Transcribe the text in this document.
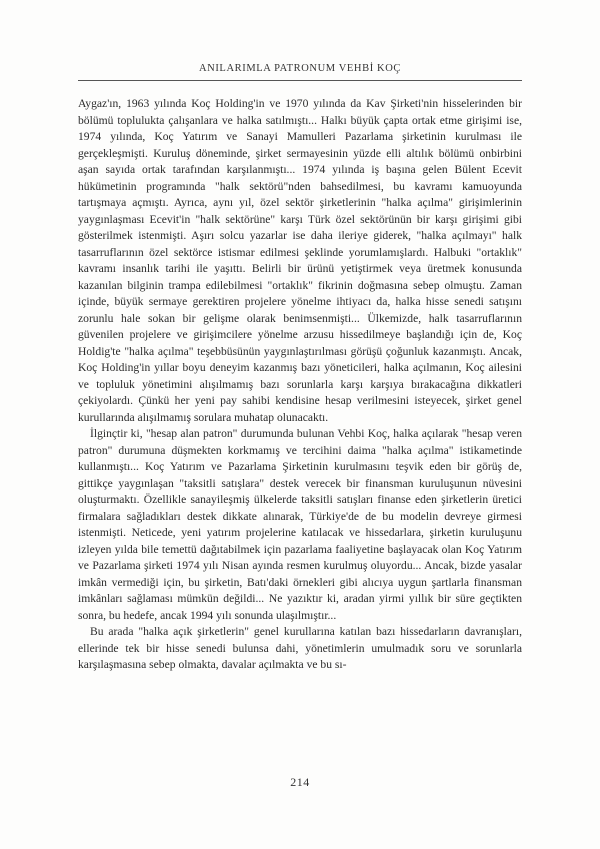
ANILARIMLA PATRONUM VEHBİ KOÇ

Aygaz'ın, 1963 yılında Koç Holding'in ve 1970 yılında da Kav Şirketi'nin hisselerinden bir bölümü toplulukta çalışanlara ve halka satılmıştı... Halkı büyük çapta ortak etme girişimi ise, 1974 yılında, Koç Yatırım ve Sanayi Mamulleri Pazarlama şirketinin kurulması ile gerçekleşmişti. Kuruluş döneminde, şirket sermayesinin yüzde elli altılık bölümü onbirbini aşan sayıda ortak tarafından karşılanmıştı... 1974 yılında iş başına gelen Bülent Ecevit hükümetinin programında "halk sektörü"nden bahsedilmesi, bu kavramı kamuoyunda tartışmaya açmıştı. Ayrıca, aynı yıl, özel sektör şirketlerinin "halka açılma" girişimlerinin yaygınlaşması Ecevit'in "halk sektörüne" karşı Türk özel sektörünün bir karşı girişimi gibi gösterilmek istenmişti. Aşırı solcu yazarlar ise daha ileriye giderek, "halka açılmayı" halk tasarruflarının özel sektörce istismar edilmesi şeklinde yorumlamışlardı. Halbuki "ortaklık" kavramı insanlık tarihi ile yaşıttı. Belirli bir ürünü yetiştirmek veya üretmek konusunda kazanılan bilginin trampa edilebilmesi "ortaklık" fikrinin doğmasına sebep olmuştu. Zaman içinde, büyük sermaye gerektiren projelere yönelme ihtiyacı da, halka hisse senedi satışını zorunlu hale sokan bir gelişme olarak benimsenmişti... Ülkemizde, halk tasarruflarının güvenilen projelere ve girişimcilere yönelme arzusu hissedilmeye başlandığı için de, Koç Holdig'te "halka açılma" teşebbüsünün yaygınlaştırılması görüşü çoğunluk kazanmıştı. Ancak, Koç Holding'in yıllar boyu deneyim kazanmış bazı yöneticileri, halka açılmanın, Koç ailesini ve topluluk yönetimini alışılmamış bazı sorunlarla karşı karşıya bırakacağına dikkatleri çekiyolardı. Çünkü her yeni pay sahibi kendisine hesap verilmesini isteyecek, şirket genel kurullarında alışılmamış sorulara muhatap olunacaktı.

İlginçtir ki, "hesap alan patron" durumunda bulunan Vehbi Koç, halka açılarak "hesap veren patron" durumuna düşmekten korkmamış ve tercihini daima "halka açılma" istikametinde kullanmıştı... Koç Yatırım ve Pazarlama Şirketinin kurulmasını teşvik eden bir görüş de, gittikçe yaygınlaşan "taksitli satışlara" destek verecek bir finansman kuruluşunun nüvesini oluşturmaktı. Özellikle sanayileşmiş ülkelerde taksitli satışları finanse eden şirketlerin üretici firmalara sağladıkları destek dikkate alınarak, Türkiye'de de bu modelin devreye girmesi istenmişti. Neticede, yeni yatırım projelerine katılacak ve hissedarlara, şirketin kuruluşunu izleyen yılda bile temettü dağıtabilmek için pazarlama faaliyetine başlayacak olan Koç Yatırım ve Pazarlama şirketi 1974 yılı Nisan ayında resmen kurulmuş oluyordu... Ancak, bizde yasalar imkân vermediği için, bu şirketin, Batı'daki örnekleri gibi alıcıya uygun şartlarla finansman imkânları sağlaması mümkün değildi... Ne yazıktır ki, aradan yirmi yıllık bir süre geçtikten sonra, bu hedefe, ancak 1994 yılı sonunda ulaşılmıştır...

Bu arada "halka açık şirketlerin" genel kurullarına katılan bazı hissedarların davranışları, ellerinde tek bir hisse senedi bulunsa dahi, yönetimlerin umulmadık soru ve sorunlarla karşılaşmasına sebep olmakta, davalar açılmakta ve bu sı-

214
